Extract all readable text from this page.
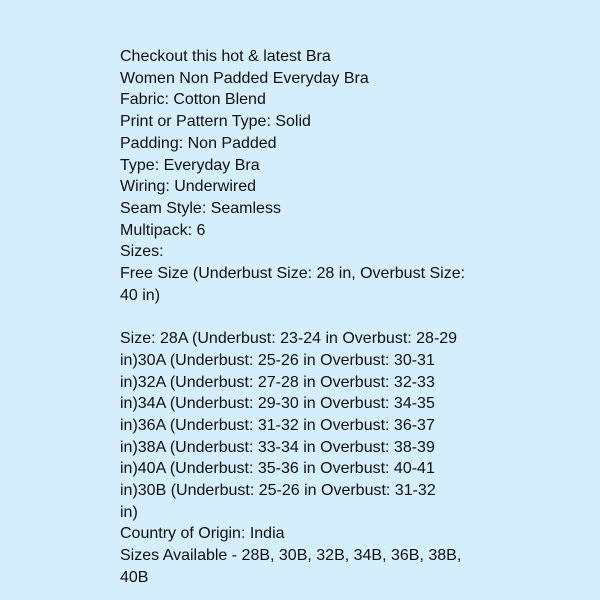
Checkout this hot & latest Bra
Women Non Padded Everyday Bra
Fabric: Cotton Blend
Print or Pattern Type: Solid
Padding: Non Padded
Type: Everyday Bra
Wiring: Underwired
Seam Style: Seamless
Multipack: 6
Sizes:
Free Size (Underbust Size: 28 in, Overbust Size:
40 in)
Size: 28A (Underbust: 23-24 in Overbust: 28-29
in)30A (Underbust: 25-26 in Overbust: 30-31
in)32A (Underbust: 27-28 in Overbust: 32-33
in)34A (Underbust: 29-30 in Overbust: 34-35
in)36A (Underbust: 31-32 in Overbust: 36-37
in)38A (Underbust: 33-34 in Overbust: 38-39
in)40A (Underbust: 35-36 in Overbust: 40-41
in)30B (Underbust: 25-26 in Overbust: 31-32
in)
Country of Origin: India
Sizes Available - 28B, 30B, 32B, 34B, 36B, 38B,
40B
